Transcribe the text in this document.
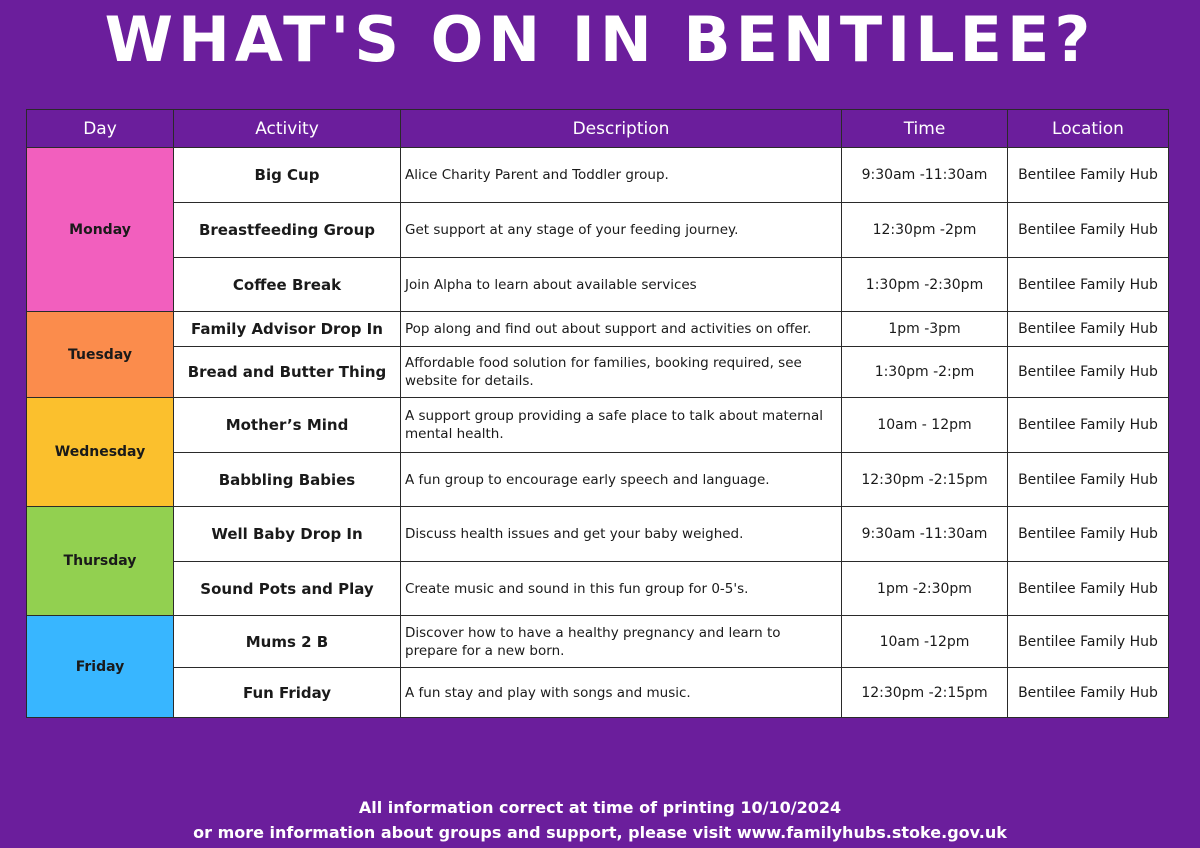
WHAT'S ON IN BENTILEE?
Day	Activity	Description	Time	Location
Monday	Big Cup	Alice Charity Parent and Toddler group.	9:30am -11:30am	Bentilee Family Hub
	Breastfeeding Group	Get support at any stage of your feeding journey.	12:30pm -2pm	Bentilee Family Hub
	Coffee Break	Join Alpha to learn about available services	1:30pm -2:30pm	Bentilee Family Hub
Tuesday	Family Advisor Drop In	Pop along and find out about support and activities on offer.	1pm -3pm	Bentilee Family Hub
	Bread and Butter Thing	Affordable food solution for families, booking required, see website for details.	1:30pm -2:pm	Bentilee Family Hub
Wednesday	Mother’s Mind	A support group providing a safe place to talk about maternal mental health.	10am - 12pm	Bentilee Family Hub
	Babbling Babies	A fun group to encourage early speech and language.	12:30pm -2:15pm	Bentilee Family Hub
Thursday	Well Baby Drop In	Discuss health issues and get your baby weighed.	9:30am -11:30am	Bentilee Family Hub
	Sound Pots and Play	Create music and sound in this fun group for 0-5's.	1pm -2:30pm	Bentilee Family Hub
Friday	Mums 2 B	Discover how to have a healthy pregnancy and learn to prepare for a new born.	10am -12pm	Bentilee Family Hub
	Fun Friday	A fun stay and play with songs and music.	12:30pm -2:15pm	Bentilee Family Hub
All information correct at time of printing 10/10/2024
or more information about groups and support, please visit www.familyhubs.stoke.gov.uk
